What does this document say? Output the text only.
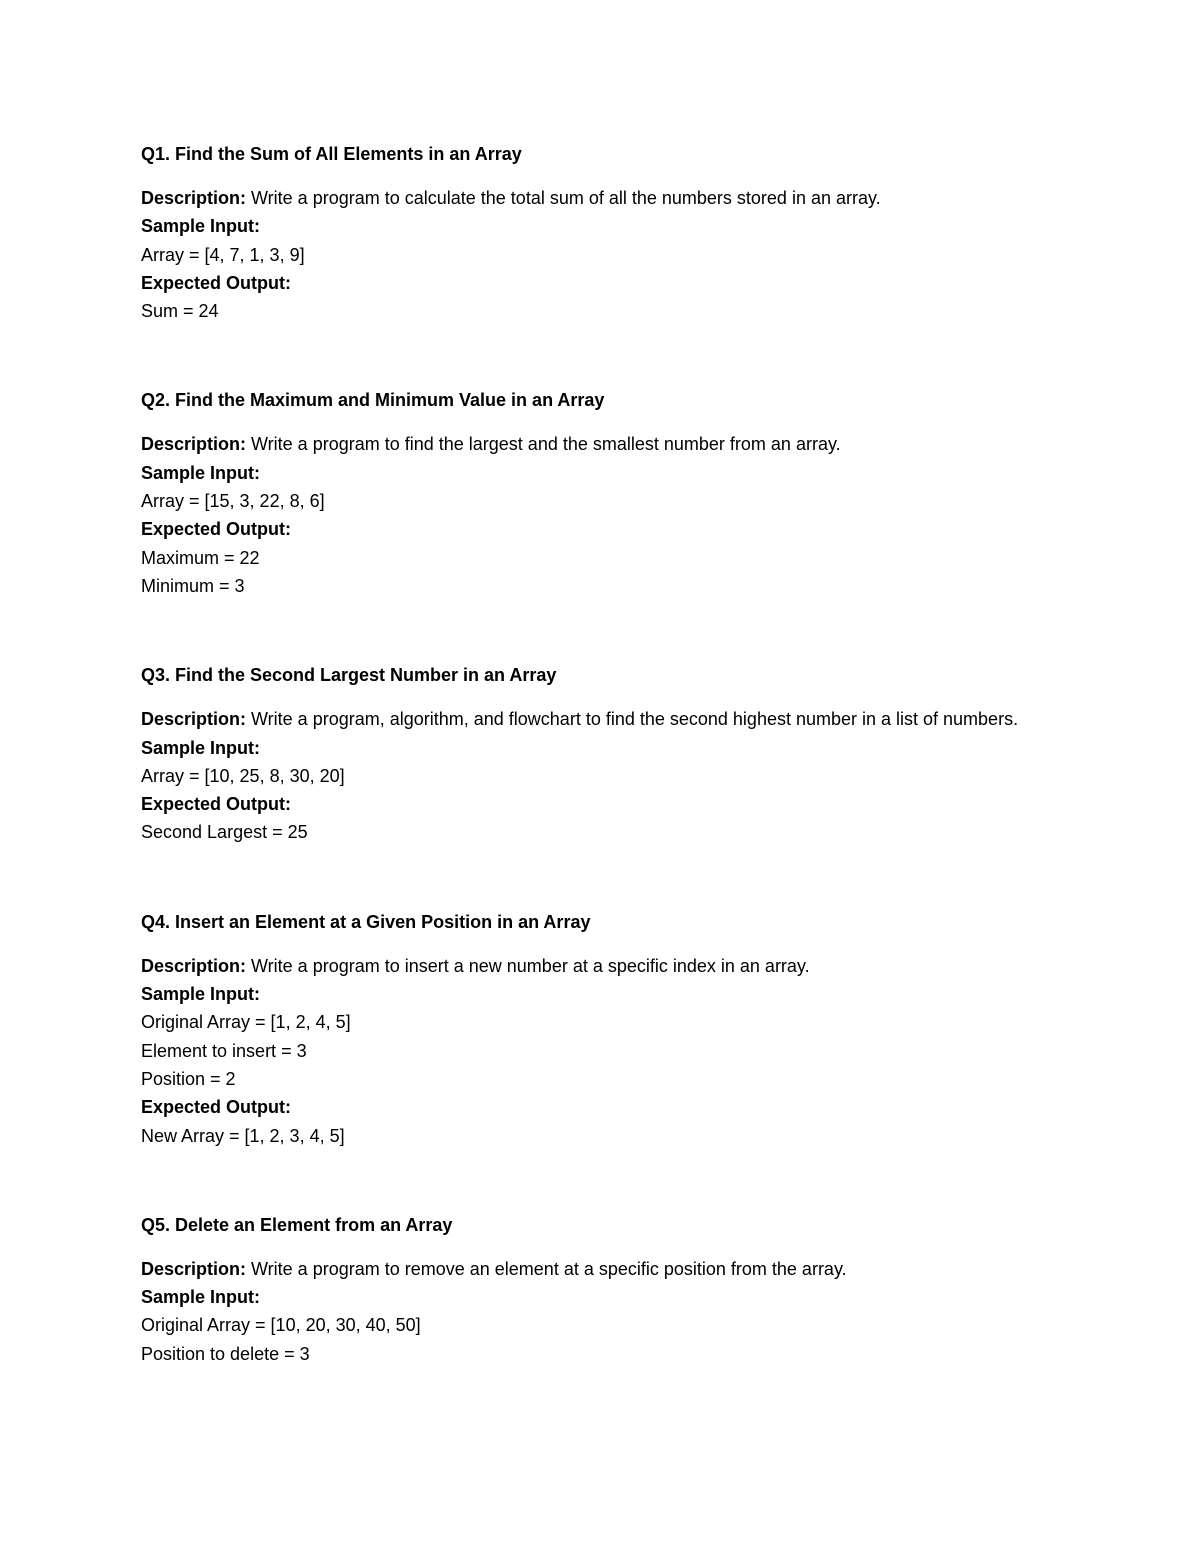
Q1. Find the Sum of All Elements in an Array

Description: Write a program to calculate the total sum of all the numbers stored in an array.

Sample Input:

Array = [4, 7, 1, 3, 9]

Expected Output:

Sum = 24

Q2. Find the Maximum and Minimum Value in an Array

Description: Write a program to find the largest and the smallest number from an array.

Sample Input:

Array = [15, 3, 22, 8, 6]

Expected Output:

Maximum = 22

Minimum = 3

Q3. Find the Second Largest Number in an Array

Description: Write a program, algorithm, and flowchart to find the second highest number in a list of numbers.

Sample Input:

Array = [10, 25, 8, 30, 20]

Expected Output:

Second Largest = 25

Q4. Insert an Element at a Given Position in an Array

Description: Write a program to insert a new number at a specific index in an array.

Sample Input:

Original Array = [1, 2, 4, 5]

Element to insert = 3

Position = 2

Expected Output:

New Array = [1, 2, 3, 4, 5]

Q5. Delete an Element from an Array

Description: Write a program to remove an element at a specific position from the array.

Sample Input:

Original Array = [10, 20, 30, 40, 50]

Position to delete = 3
